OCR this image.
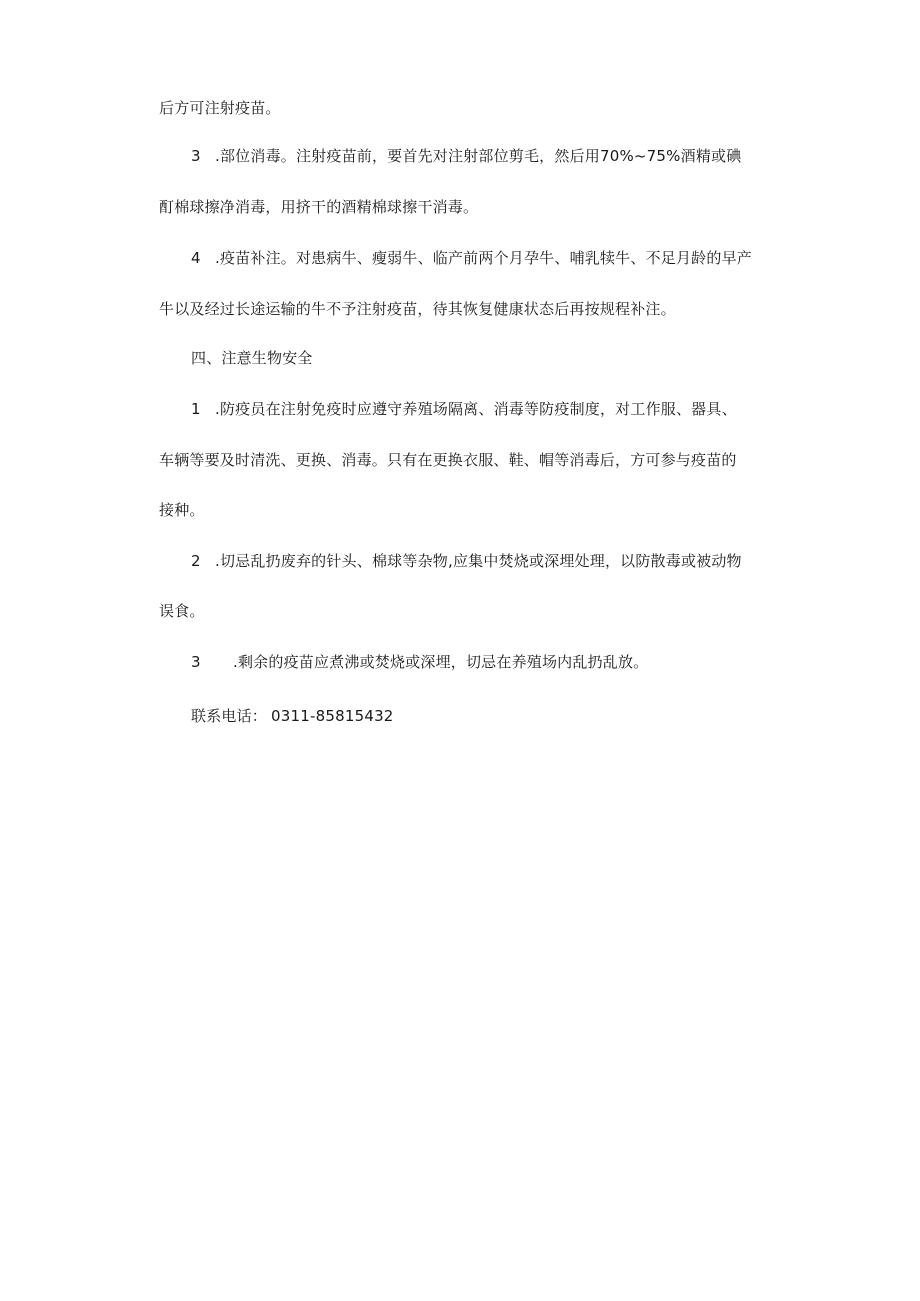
后方可注射疫苗。
3 .部位消毒。注射疫苗前，要首先对注射部位剪毛，然后用70%~75%酒精或碘
酊棉球擦净消毒，用挤干的酒精棉球擦干消毒。
4 .疫苗补注。对患病牛、瘦弱牛、临产前两个月孕牛、哺乳犊牛、不足月龄的早产
牛以及经过长途运输的牛不予注射疫苗，待其恢复健康状态后再按规程补注。
四、注意生物安全
1 .防疫员在注射免疫时应遵守养殖场隔离、消毒等防疫制度，对工作服、器具、
车辆等要及时清洗、更换、消毒。只有在更换衣服、鞋、帽等消毒后，方可参与疫苗的
接种。
2 .切忌乱扔废弃的针头、棉球等杂物,应集中焚烧或深埋处理，以防散毒或被动物
误食。
3 .剩余的疫苗应煮沸或焚烧或深埋，切忌在养殖场内乱扔乱放。
联系电话： 0311-85815432
